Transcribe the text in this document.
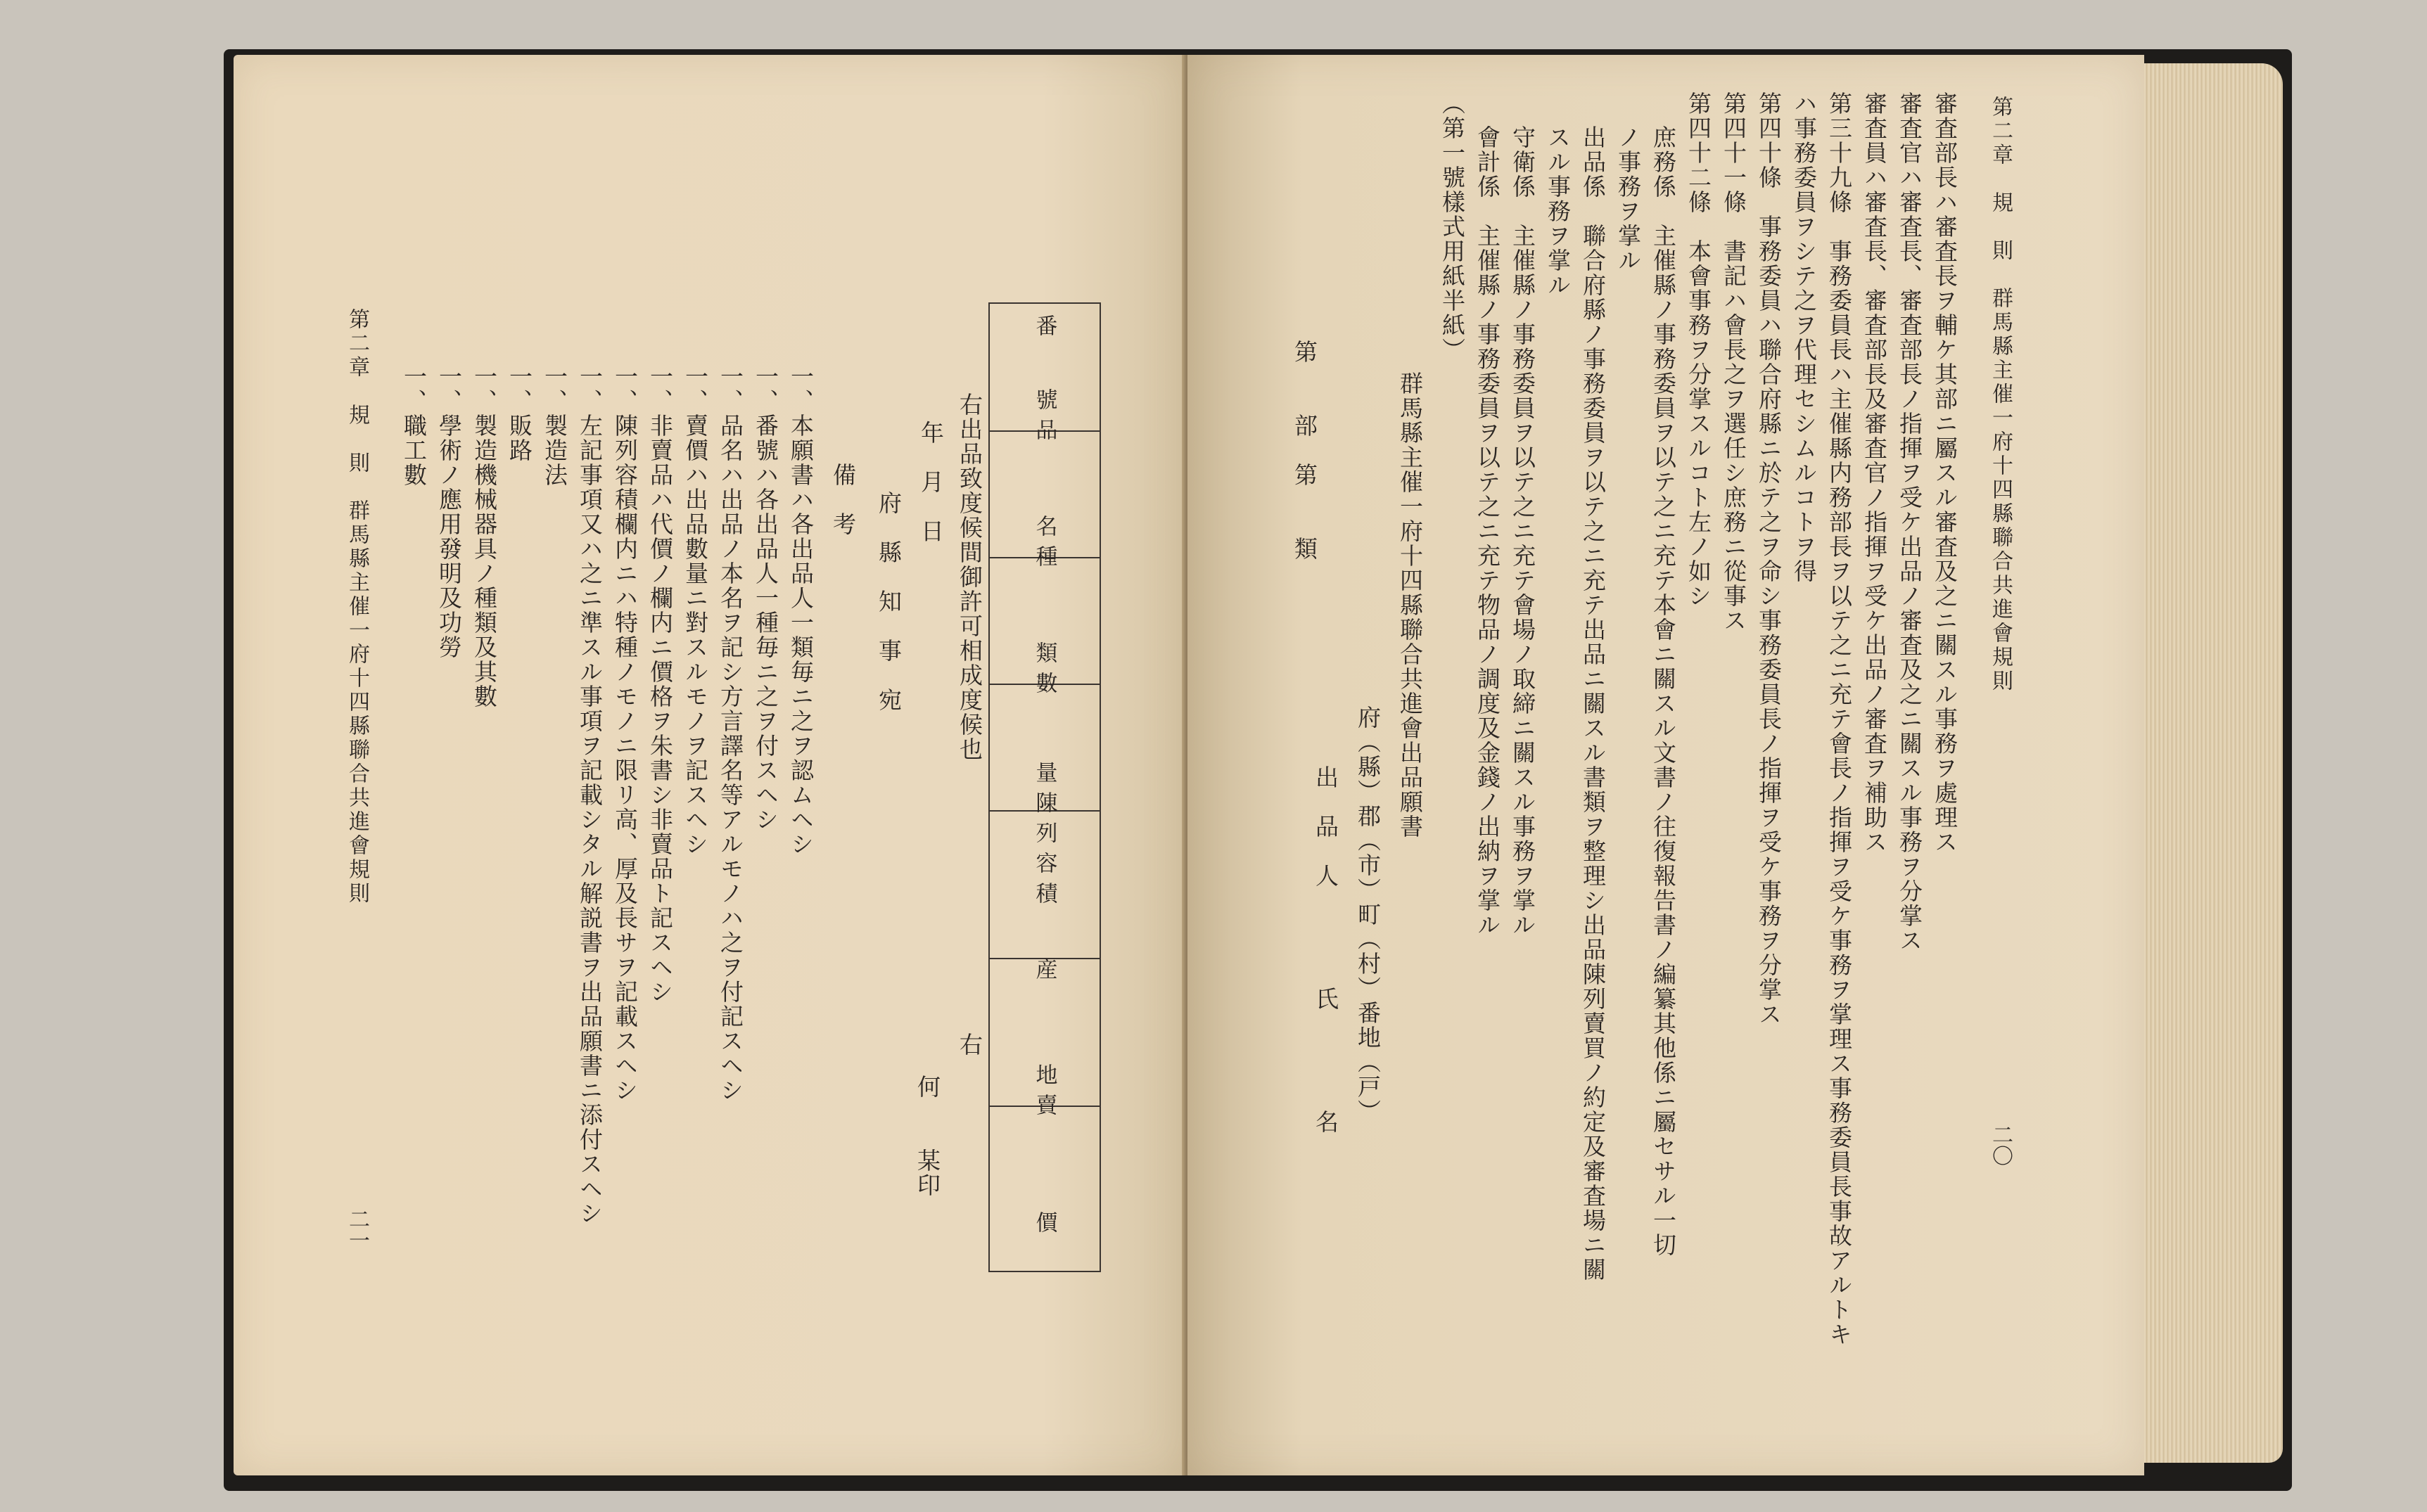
第二章　規　則　群馬縣主催一府十四縣聯合共進會規則
二一
一、職工數 一、學術ノ應用發明及功勞 一、製造機械器具ノ種類及其數 一、販路 一、製造法 一、左記事項又ハ之ニ準スル事項ヲ記載シタル解説書ヲ出品願書ニ添付スヘシ 一、陳列容積欄内ニハ特種ノモノニ限リ高、厚及長サヲ記載スヘシ 一、非賣品ハ代價ノ欄内ニ價格ヲ朱書シ非賣品ト記スヘシ 一、賣價ハ出品數量ニ對スルモノヲ記スヘシ 一、品名ハ出品ノ本名ヲ記シ方言譯名等アルモノハ之ヲ付記スヘシ 一、番號ハ各出品人一種毎ニ之ヲ付スヘシ 一、本願書ハ各出品人一類毎ニ之ヲ認ムヘシ 備　考 府　縣　知　事　宛
年　月　日 右出品致度候間御許可相成度候也
右
何　　某印
番
號品
名種
類數
量陳列容積
産
地賣
價
第二章　規　則　群馬縣主催一府十四縣聯合共進會規則
二〇
審査部長ハ審査長ヲ輔ケ其部ニ屬スル審査及之ニ關スル事務ヲ處理ス
審査官ハ審査長、審査部長ノ指揮ヲ受ケ出品ノ審査及之ニ關スル事務ヲ分掌ス
審査員ハ審査長、審査部長及審査官ノ指揮ヲ受ケ出品ノ審査ヲ補助ス
第三十九條　事務委員長ハ主催縣内務部長ヲ以テ之ニ充テ會長ノ指揮ヲ受ケ事務ヲ掌理ス事務委員長事故アルトキ
ハ事務委員ヲシテ之ヲ代理セシムルコトヲ得
第四十條　事務委員ハ聯合府縣ニ於テ之ヲ命シ事務委員長ノ指揮ヲ受ケ事務ヲ分掌ス
第四十一條　書記ハ會長之ヲ選任シ庶務ニ從事ス
第四十二條　本會事務ヲ分掌スルコト左ノ如シ
庶務係　主催縣ノ事務委員ヲ以テ之ニ充テ本會ニ關スル文書ノ往復報告書ノ編纂其他係ニ屬セサル一切
ノ事務ヲ掌ル
出品係　聯合府縣ノ事務委員ヲ以テ之ニ充テ出品ニ關スル書類ヲ整理シ出品陳列賣買ノ約定及審査場ニ關
スル事務ヲ掌ル
守衛係　主催縣ノ事務委員ヲ以テ之ニ充テ會場ノ取締ニ關スル事務ヲ掌ル
會計係　主催縣ノ事務委員ヲ以テ之ニ充テ物品ノ調度及金錢ノ出納ヲ掌ル
（第一號樣式用紙半紙）
群馬縣主催一府十四縣聯合共進會出品願書
府（縣）郡（市）町（村）番地（戸）
出　品　人　　　　氏　　　　名
第　　部　第　　類
